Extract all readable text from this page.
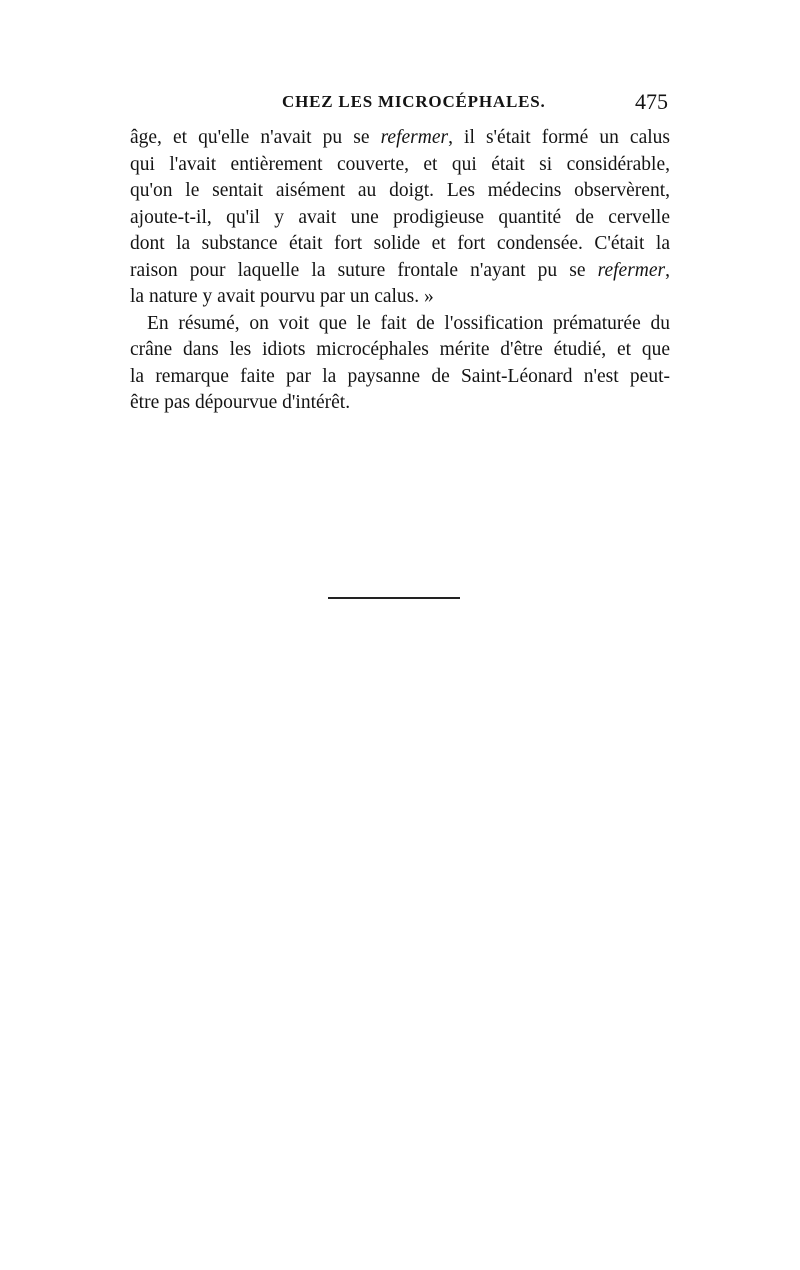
CHEZ LES MICROCÉPHALES.	475
âge, et qu'elle n'avait pu se refermer, il s'était formé un calus
qui l'avait entièrement couverte, et qui était si considérable,
qu'on le sentait aisément au doigt. Les médecins observèrent,
ajoute-t-il, qu'il y avait une prodigieuse quantité de cervelle
dont la substance était fort solide et fort condensée. C'était la
raison pour laquelle la suture frontale n'ayant pu se refermer,
la nature y avait pourvu par un calus. »
En résumé, on voit que le fait de l'ossification prématurée du
crâne dans les idiots microcéphales mérite d'être étudié, et que
la remarque faite par la paysanne de Saint-Léonard n'est peut-
être pas dépourvue d'intérêt.
